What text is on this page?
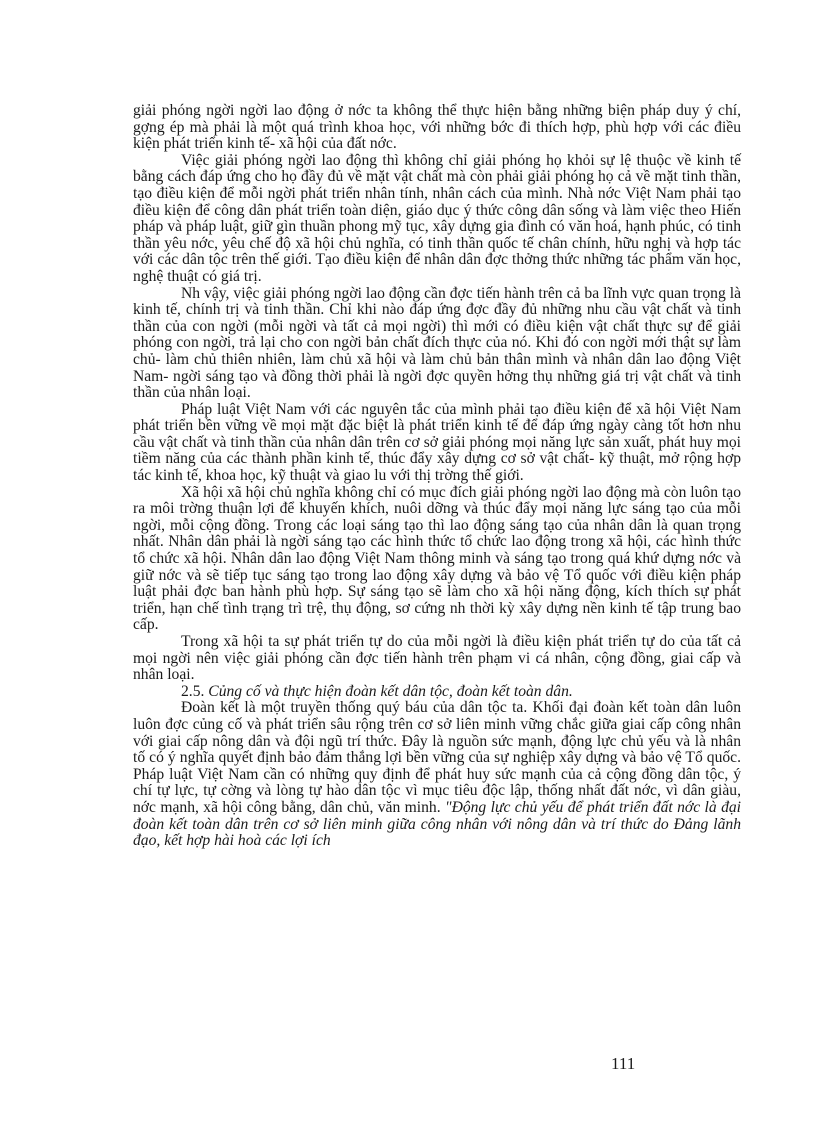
giải phóng ngời ngời lao động ở nớc ta không thể thực hiện bằng những biện pháp duy ý chí, gợng ép mà phải là một quá trình khoa học, với những bớc đi thích hợp, phù hợp với các điều kiện phát triển kinh tế- xã hội của đất nớc.

Việc giải phóng ngời lao động thì không chỉ giải phóng họ khỏi sự lệ thuộc về kinh tế bằng cách đáp ứng cho họ đầy đủ về mặt vật chất mà còn phải giải phóng họ cả về mặt tinh thần, tạo điều kiện để mỗi ngời phát triển nhân tính, nhân cách của mình. Nhà nớc Việt Nam phải tạo điều kiện để công dân phát triển toàn diện, giáo dục ý thức công dân sống và làm việc theo Hiến pháp và pháp luật, giữ gìn thuần phong mỹ tục, xây dựng gia đình có văn hoá, hạnh phúc, có tinh thần yêu nớc, yêu chế độ xã hội chủ nghĩa, có tinh thần quốc tế chân chính, hữu nghị và hợp tác với các dân tộc trên thế giới. Tạo điều kiện để nhân dân đợc thởng thức những tác phẩm văn học, nghệ thuật có giá trị.

Nh vậy, việc giải phóng ngời lao động cần đợc tiến hành trên cả ba lĩnh vực quan trọng là kinh tế, chính trị và tinh thần. Chỉ khi nào đáp ứng đợc đầy đủ những nhu cầu vật chất và tinh thần của con ngời (mỗi ngời và tất cả mọi ngời) thì mới có điều kiện vật chất thực sự để giải phóng con ngời, trả lại cho con ngời bản chất đích thực của nó. Khi đó con ngời mới thật sự làm chủ- làm chủ thiên nhiên, làm chủ xã hội và làm chủ bản thân mình và nhân dân lao động Việt Nam- ngời sáng tạo và đồng thời phải là ngời đợc quyền hởng thụ những giá trị vật chất và tinh thần của nhân loại.

Pháp luật Việt Nam với các nguyên tắc của mình phải tạo điều kiện để xã hội Việt Nam phát triển bền vững về mọi mặt đặc biệt là phát triển kinh tế để đáp ứng ngày càng tốt hơn nhu cầu vật chất và tinh thần của nhân dân trên cơ sở giải phóng mọi năng lực sản xuất, phát huy mọi tiềm năng của các thành phần kinh tế, thúc đẩy xây dựng cơ sở vật chất- kỹ thuật, mở rộng hợp tác kinh tế, khoa học, kỹ thuật và giao lu với thị trờng thế giới.

Xã hội xã hội chủ nghĩa không chỉ có mục đích giải phóng ngời lao động mà còn luôn tạo ra môi trờng thuận lợi để khuyến khích, nuôi dỡng và thúc đẩy mọi năng lực sáng tạo của mỗi ngời, mỗi cộng đồng. Trong các loại sáng tạo thì lao động sáng tạo của nhân dân là quan trọng nhất. Nhân dân phải là ngời sáng tạo các hình thức tổ chức lao động trong xã hội, các hình thức tổ chức xã hội. Nhân dân lao động Việt Nam thông minh và sáng tạo trong quá khứ dựng nớc và giữ nớc và sẽ tiếp tục sáng tạo trong lao động xây dựng và bảo vệ Tổ quốc với điều kiện pháp luật phải đợc ban hành phù hợp. Sự sáng tạo sẽ làm cho xã hội năng động, kích thích sự phát triển, hạn chế tình trạng trì trệ, thụ động, sơ cứng nh thời kỳ xây dựng nền kinh tế tập trung bao cấp.

Trong xã hội ta sự phát triển tự do của mỗi ngời là điều kiện phát triển tự do của tất cả mọi ngời nên việc giải phóng cần đợc tiến hành trên phạm vi cá nhân, cộng đồng, giai cấp và nhân loại.

2.5. Củng cố và thực hiện đoàn kết dân tộc, đoàn kết toàn dân.

Đoàn kết là một truyền thống quý báu của dân tộc ta. Khối đại đoàn kết toàn dân luôn luôn đợc củng cố và phát triển sâu rộng trên cơ sở liên minh vững chắc giữa giai cấp công nhân với giai cấp nông dân và đội ngũ trí thức. Đây là nguồn sức mạnh, động lực chủ yếu và là nhân tố có ý nghĩa quyết định bảo đảm thắng lợi bền vững của sự nghiệp xây dựng và bảo vệ Tổ quốc. Pháp luật Việt Nam cần có những quy định để phát huy sức mạnh của cả cộng đồng dân tộc, ý chí tự lực, tự cờng và lòng tự hào dân tộc vì mục tiêu độc lập, thống nhất đất nớc, vì dân giàu, nớc mạnh, xã hội công bằng, dân chủ, văn minh. "Động lực chủ yếu để phát triển đất nớc là đại đoàn kết toàn dân trên cơ sở liên minh giữa công nhân với nông dân và trí thức do Đảng lãnh đạo, kết hợp hài hoà các lợi ích

111
